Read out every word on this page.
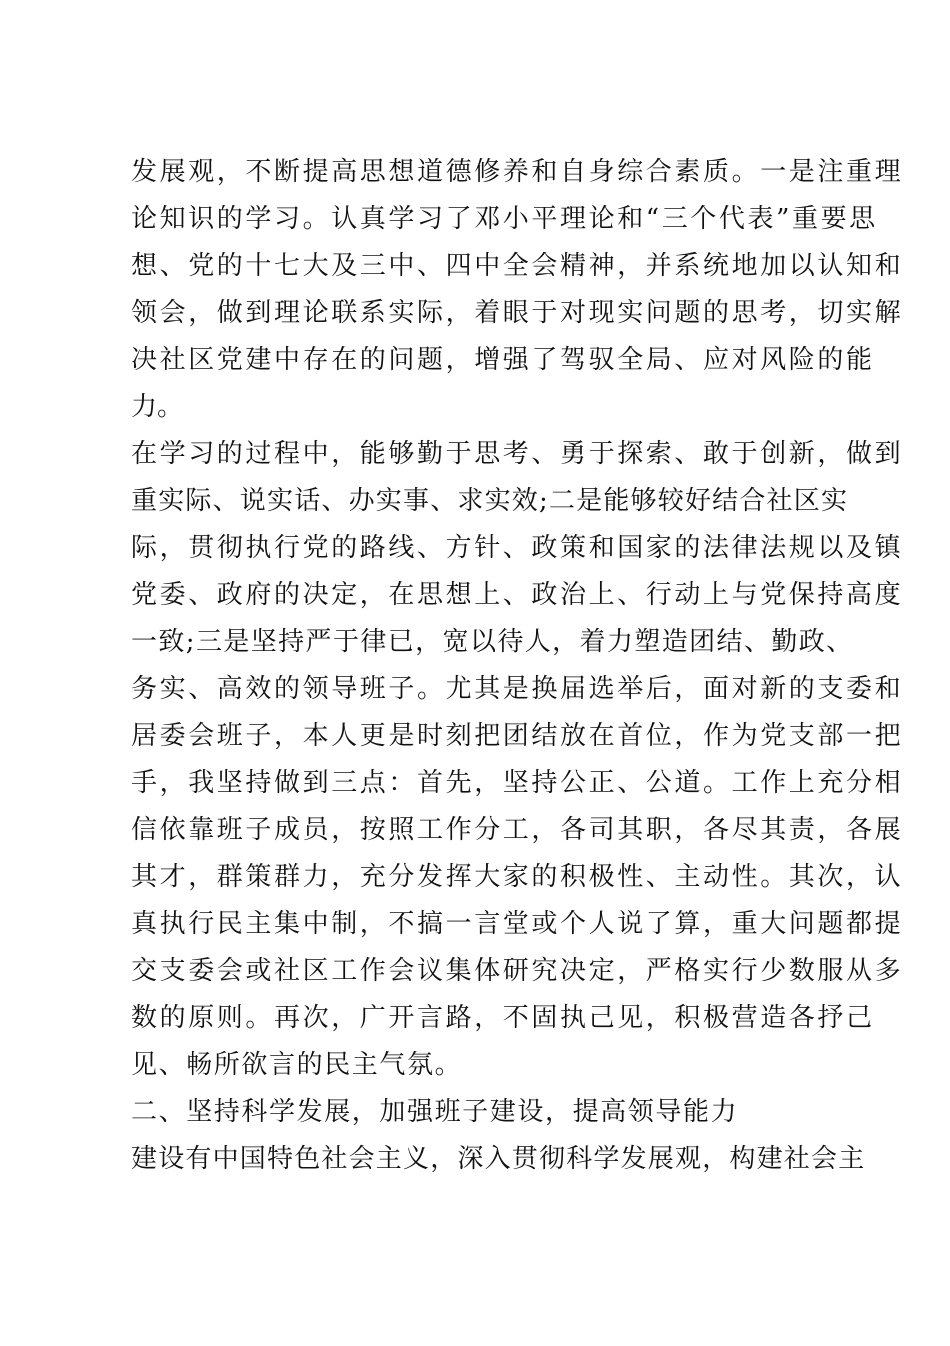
发展观，不断提高思想道德修养和自身综合素质。一是注重理
论知识的学习。认真学习了邓小平理论和“三个代表”重要思
想、党的十七大及三中、四中全会精神，并系统地加以认知和
领会，做到理论联系实际，着眼于对现实问题的思考，切实解
决社区党建中存在的问题，增强了驾驭全局、应对风险的能
力。
在学习的过程中，能够勤于思考、勇于探索、敢于创新，做到
重实际、说实话、办实事、求实效;二是能够较好结合社区实
际，贯彻执行党的路线、方针、政策和国家的法律法规以及镇
党委、政府的决定，在思想上、政治上、行动上与党保持高度
一致;三是坚持严于律已，宽以待人，着力塑造团结、勤政、
务实、高效的领导班子。尤其是换届选举后，面对新的支委和
居委会班子，本人更是时刻把团结放在首位，作为党支部一把
手，我坚持做到三点：首先，坚持公正、公道。工作上充分相
信依靠班子成员，按照工作分工，各司其职，各尽其责，各展
其才，群策群力，充分发挥大家的积极性、主动性。其次，认
真执行民主集中制，不搞一言堂或个人说了算，重大问题都提
交支委会或社区工作会议集体研究决定，严格实行少数服从多
数的原则。再次，广开言路，不固执己见，积极营造各抒己
见、畅所欲言的民主气氛。
二、坚持科学发展，加强班子建设，提高领导能力
建设有中国特色社会主义，深入贯彻科学发展观，构建社会主
